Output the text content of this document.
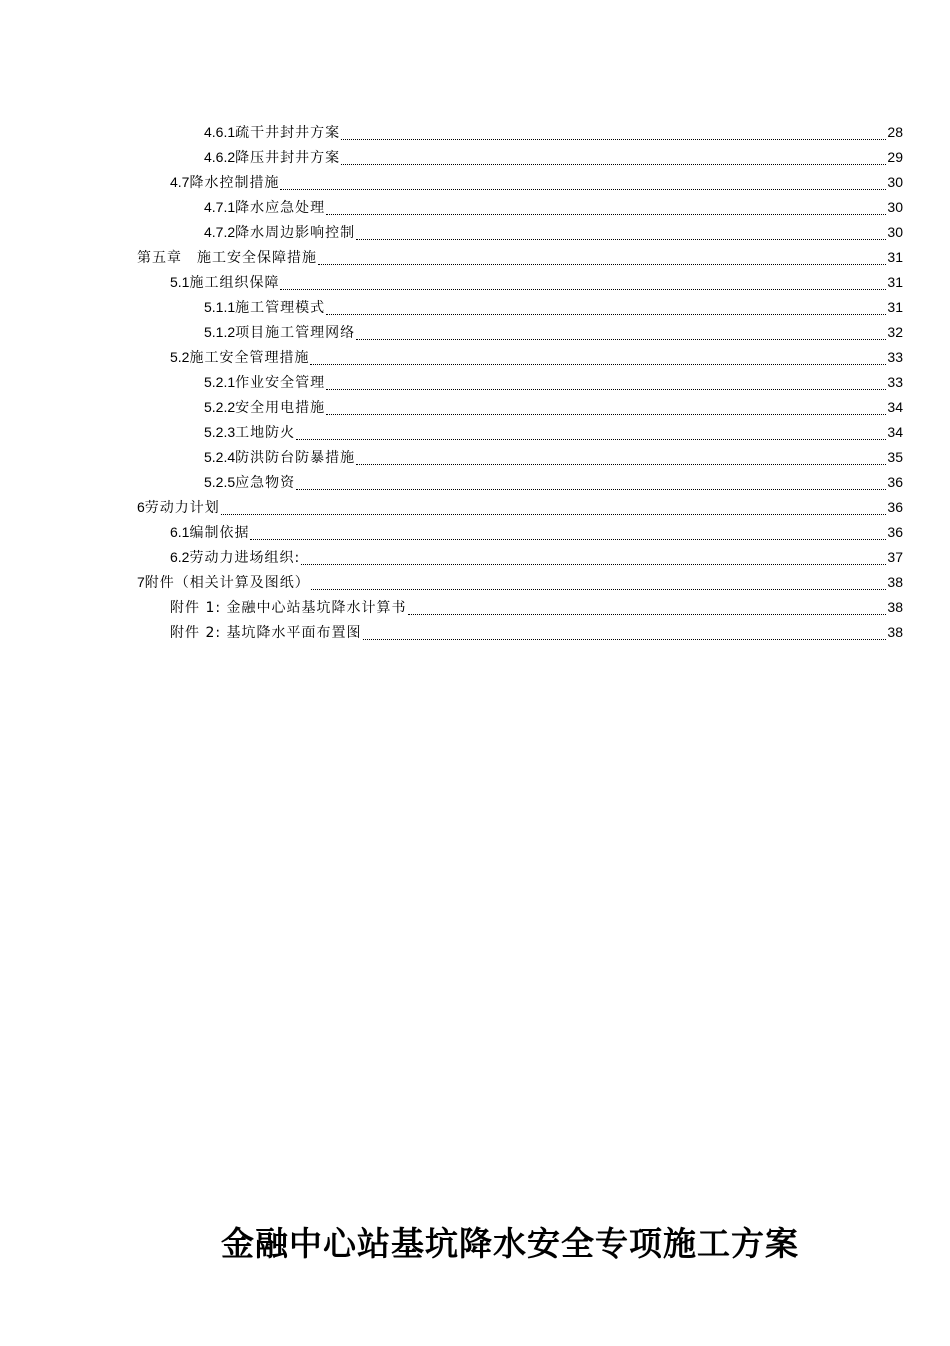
4.6.1 疏干井封井方案	28
4.6.2 降压井封井方案	29
4.7 降水控制措施	30
4.7.1 降水应急处理	30
4.7.2 降水周边影响控制	30
第五章　施工安全保障措施	31
5.1 施工组织保障	31
5.1.1 施工管理模式	31
5.1.2 项目施工管理网络	32
5.2 施工安全管理措施	33
5.2.1 作业安全管理	33
5.2.2 安全用电措施	34
5.2.3 工地防火	34
5.2.4 防洪防台防暴措施	35
5.2.5 应急物资	36
6 劳动力计划	36
6.1 编制依据	36
6.2 劳动力进场组织:	37
7 附件（相关计算及图纸）	38
附件 1: 金融中心站基坑降水计算书	38
附件 2: 基坑降水平面布置图	38
金融中心站基坑降水安全专项施工方案
